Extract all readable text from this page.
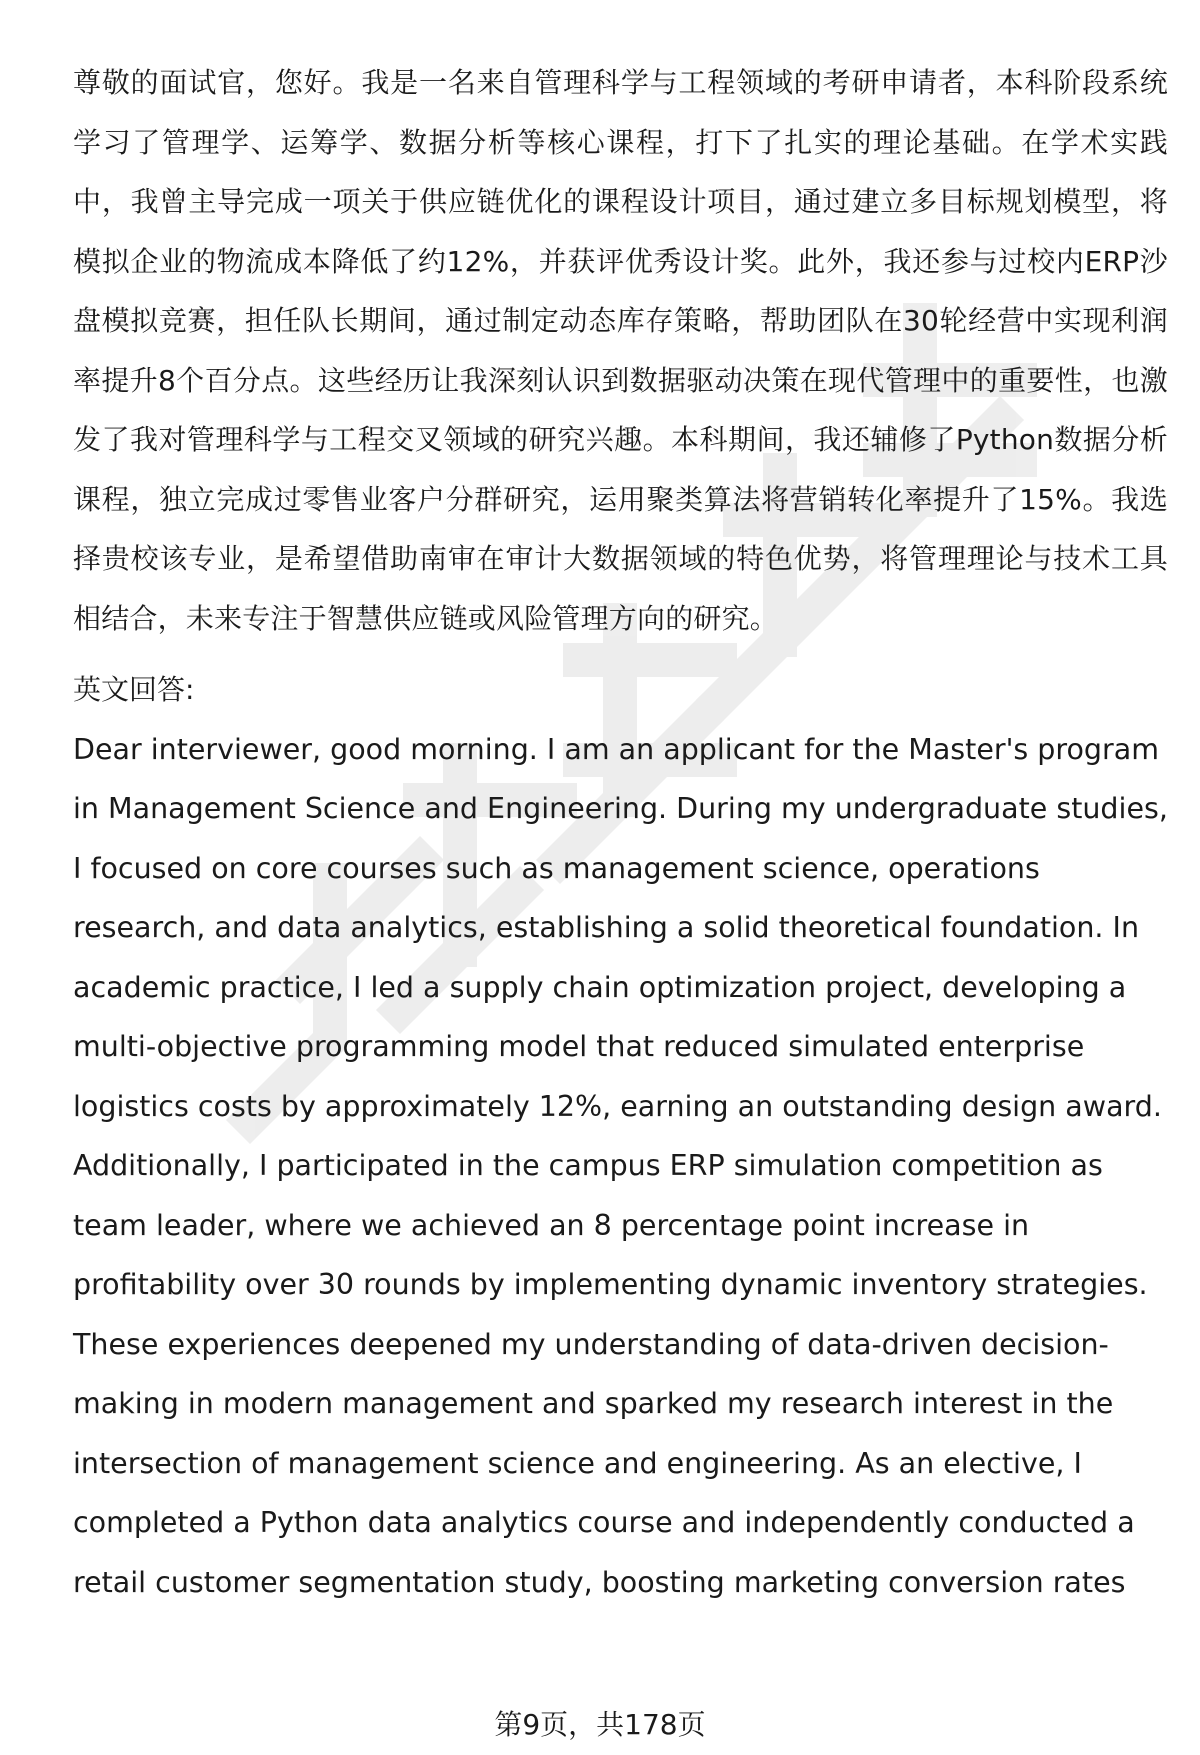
尊敬的面试官，您好。我是一名来自管理科学与工程领域的考研申请者，本科阶段系统学习了管理学、运筹学、数据分析等核心课程，打下了扎实的理论基础。在学术实践中，我曾主导完成一项关于供应链优化的课程设计项目，通过建立多目标规划模型，将模拟企业的物流成本降低了约12%，并获评优秀设计奖。此外，我还参与过校内ERP沙盘模拟竞赛，担任队长期间，通过制定动态库存策略，帮助团队在30轮经营中实现利润率提升8个百分点。这些经历让我深刻认识到数据驱动决策在现代管理中的重要性，也激发了我对管理科学与工程交叉领域的研究兴趣。本科期间，我还辅修了Python数据分析课程，独立完成过零售业客户分群研究，运用聚类算法将营销转化率提升了15%。我选择贵校该专业，是希望借助南审在审计大数据领域的特色优势，将管理理论与技术工具相结合，未来专注于智慧供应链或风险管理方向的研究。

英文回答:

Dear interviewer, good morning. I am an applicant for the Master's program in Management Science and Engineering. During my undergraduate studies, I focused on core courses such as management science, operations research, and data analytics, establishing a solid theoretical foundation. In academic practice, I led a supply chain optimization project, developing a multi-objective programming model that reduced simulated enterprise logistics costs by approximately 12%, earning an outstanding design award. Additionally, I participated in the campus ERP simulation competition as team leader, where we achieved an 8 percentage point increase in profitability over 30 rounds by implementing dynamic inventory strategies. These experiences deepened my understanding of data-driven decision-making in modern management and sparked my research interest in the intersection of management science and engineering. As an elective, I completed a Python data analytics course and independently conducted a retail customer segmentation study, boosting marketing conversion rates

第9页，共178页
